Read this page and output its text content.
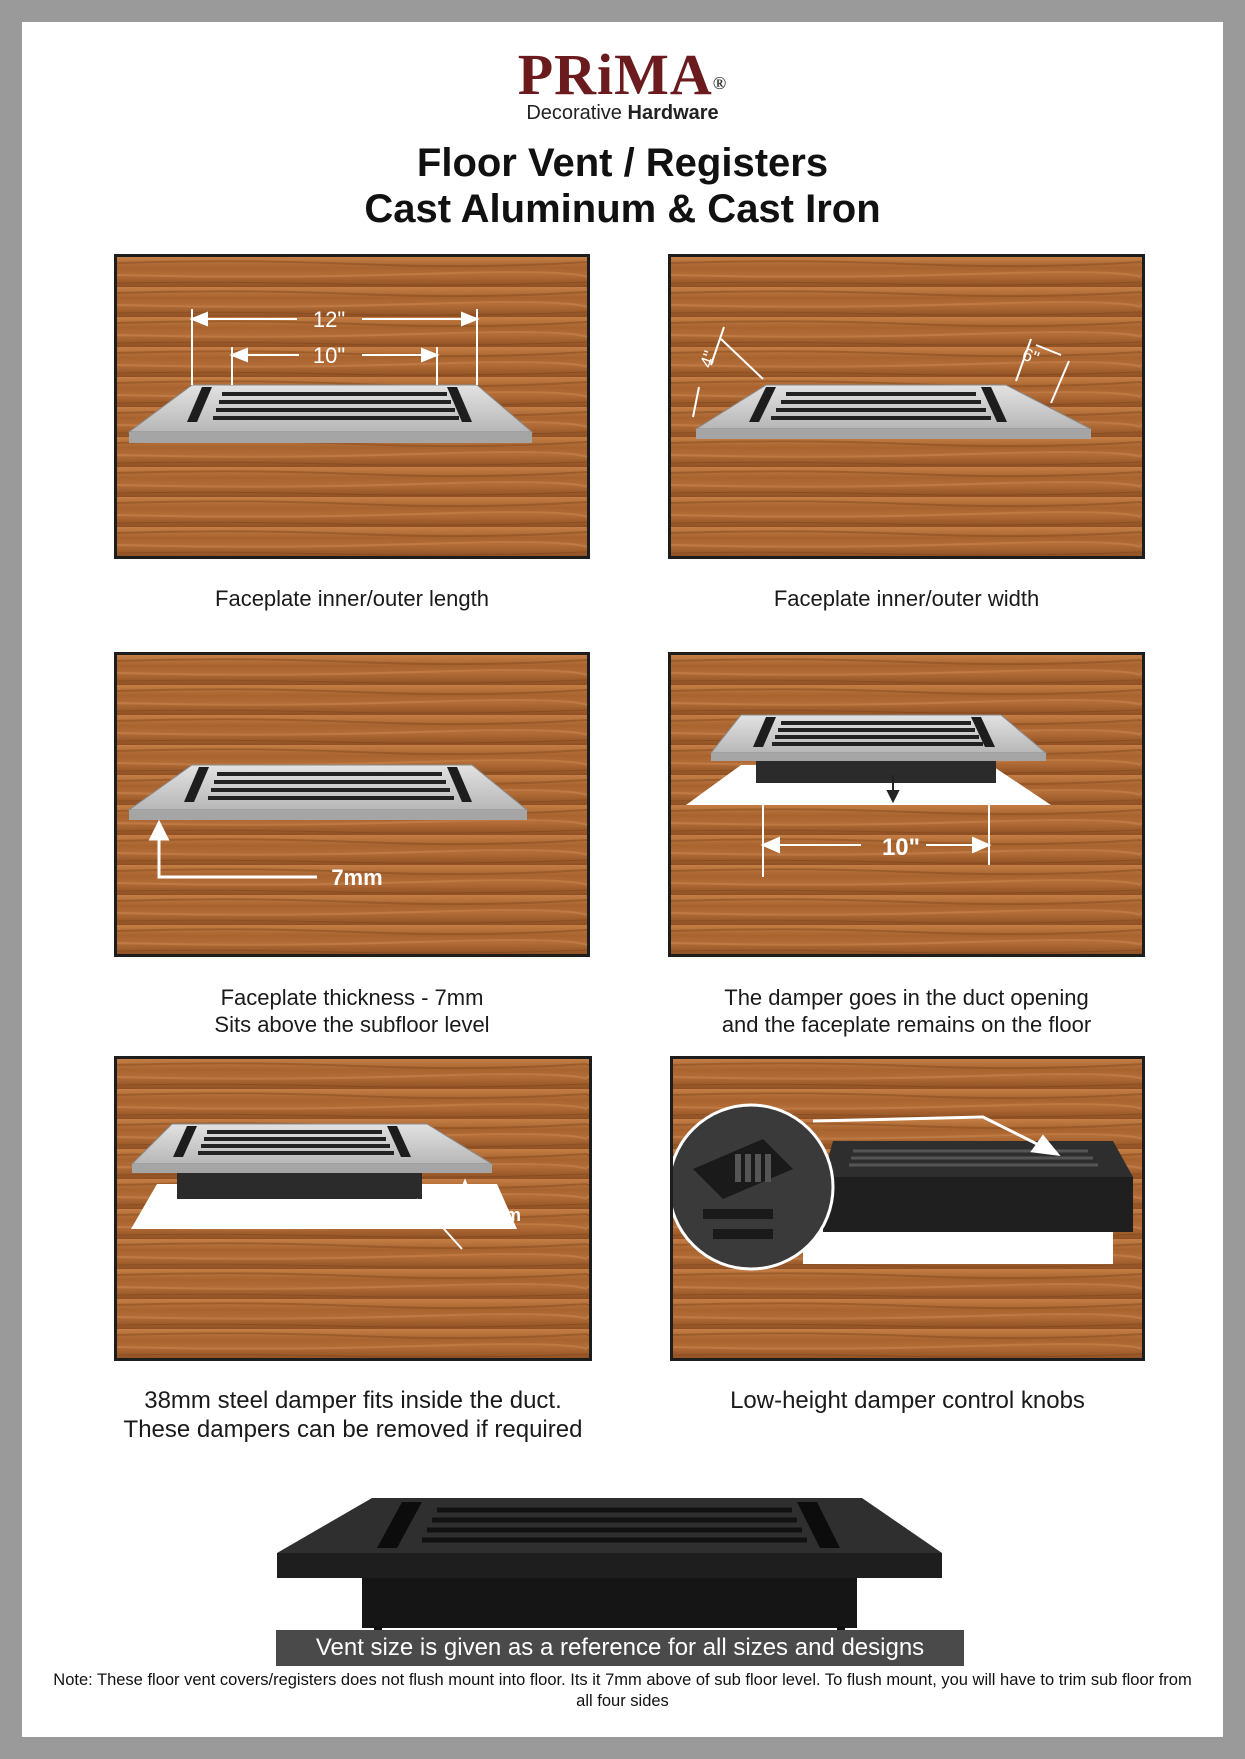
PRiMA®
Decorative Hardware
Floor Vent / Registers
Cast Aluminum & Cast Iron
12"
10"
Faceplate inner/outer length
4"	6"
Faceplate inner/outer width
7mm
Faceplate thickness - 7mm
Sits above the subfloor level
10"
The damper goes in the duct opening
and the faceplate remains on the floor
38mm
38mm steel damper fits inside the duct.
These dampers can be removed if required
Low-height damper control knobs
Vent size is given as a reference for all sizes and designs
Note: These floor vent covers/registers does not flush mount into floor. Its it 7mm above of sub floor level. To flush mount, you will have to trim sub floor from all four sides
